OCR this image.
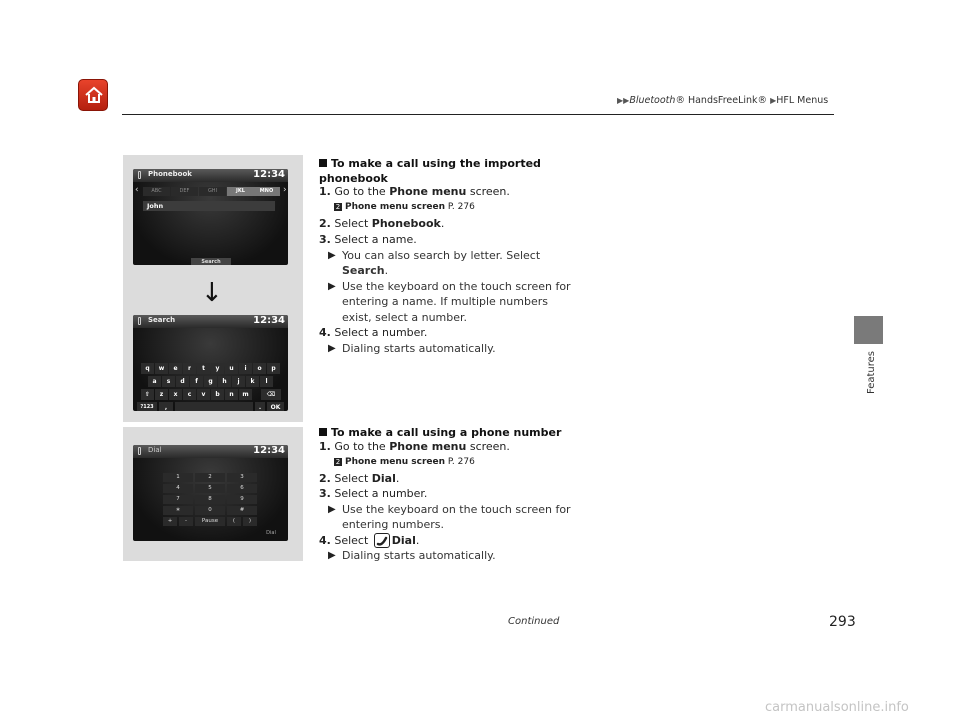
▶▶Bluetooth® HandsFreeLink® ▶HFL Menus
Features
Phonebook	12:34
‹	ABC	DEF	GHI	JKL	MNO	›
John
Search
Search	12:34
q	w	e	r	t	y	u	i	o	p
a	s	d	f	g	h	j	k	l
⇧	z	x	c	v	b	n	m	⌫
?123	,	.	OK
↓
Dial	12:34
1	2	3
4	5	6
7	8	9
∗	0	#
+	-	Pause	(	)
Dial
To make a call using the imported phonebook
1. Go to the Phone menu screen.
2 Phone menu screen P. 276
2. Select Phonebook.
3. Select a name.
▶ You can also search by letter. Select
Search.
▶ Use the keyboard on the touch screen for
entering a name. If multiple numbers
exist, select a number.
4. Select a number.
▶ Dialing starts automatically.
To make a call using a phone number
1. Go to the Phone menu screen.
2 Phone menu screen P. 276
2. Select Dial.
3. Select a number.
▶ Use the keyboard on the touch screen for
entering numbers.
4. Select
Dial.
▶ Dialing starts automatically.
Continued	293
carmanualsonline.info
